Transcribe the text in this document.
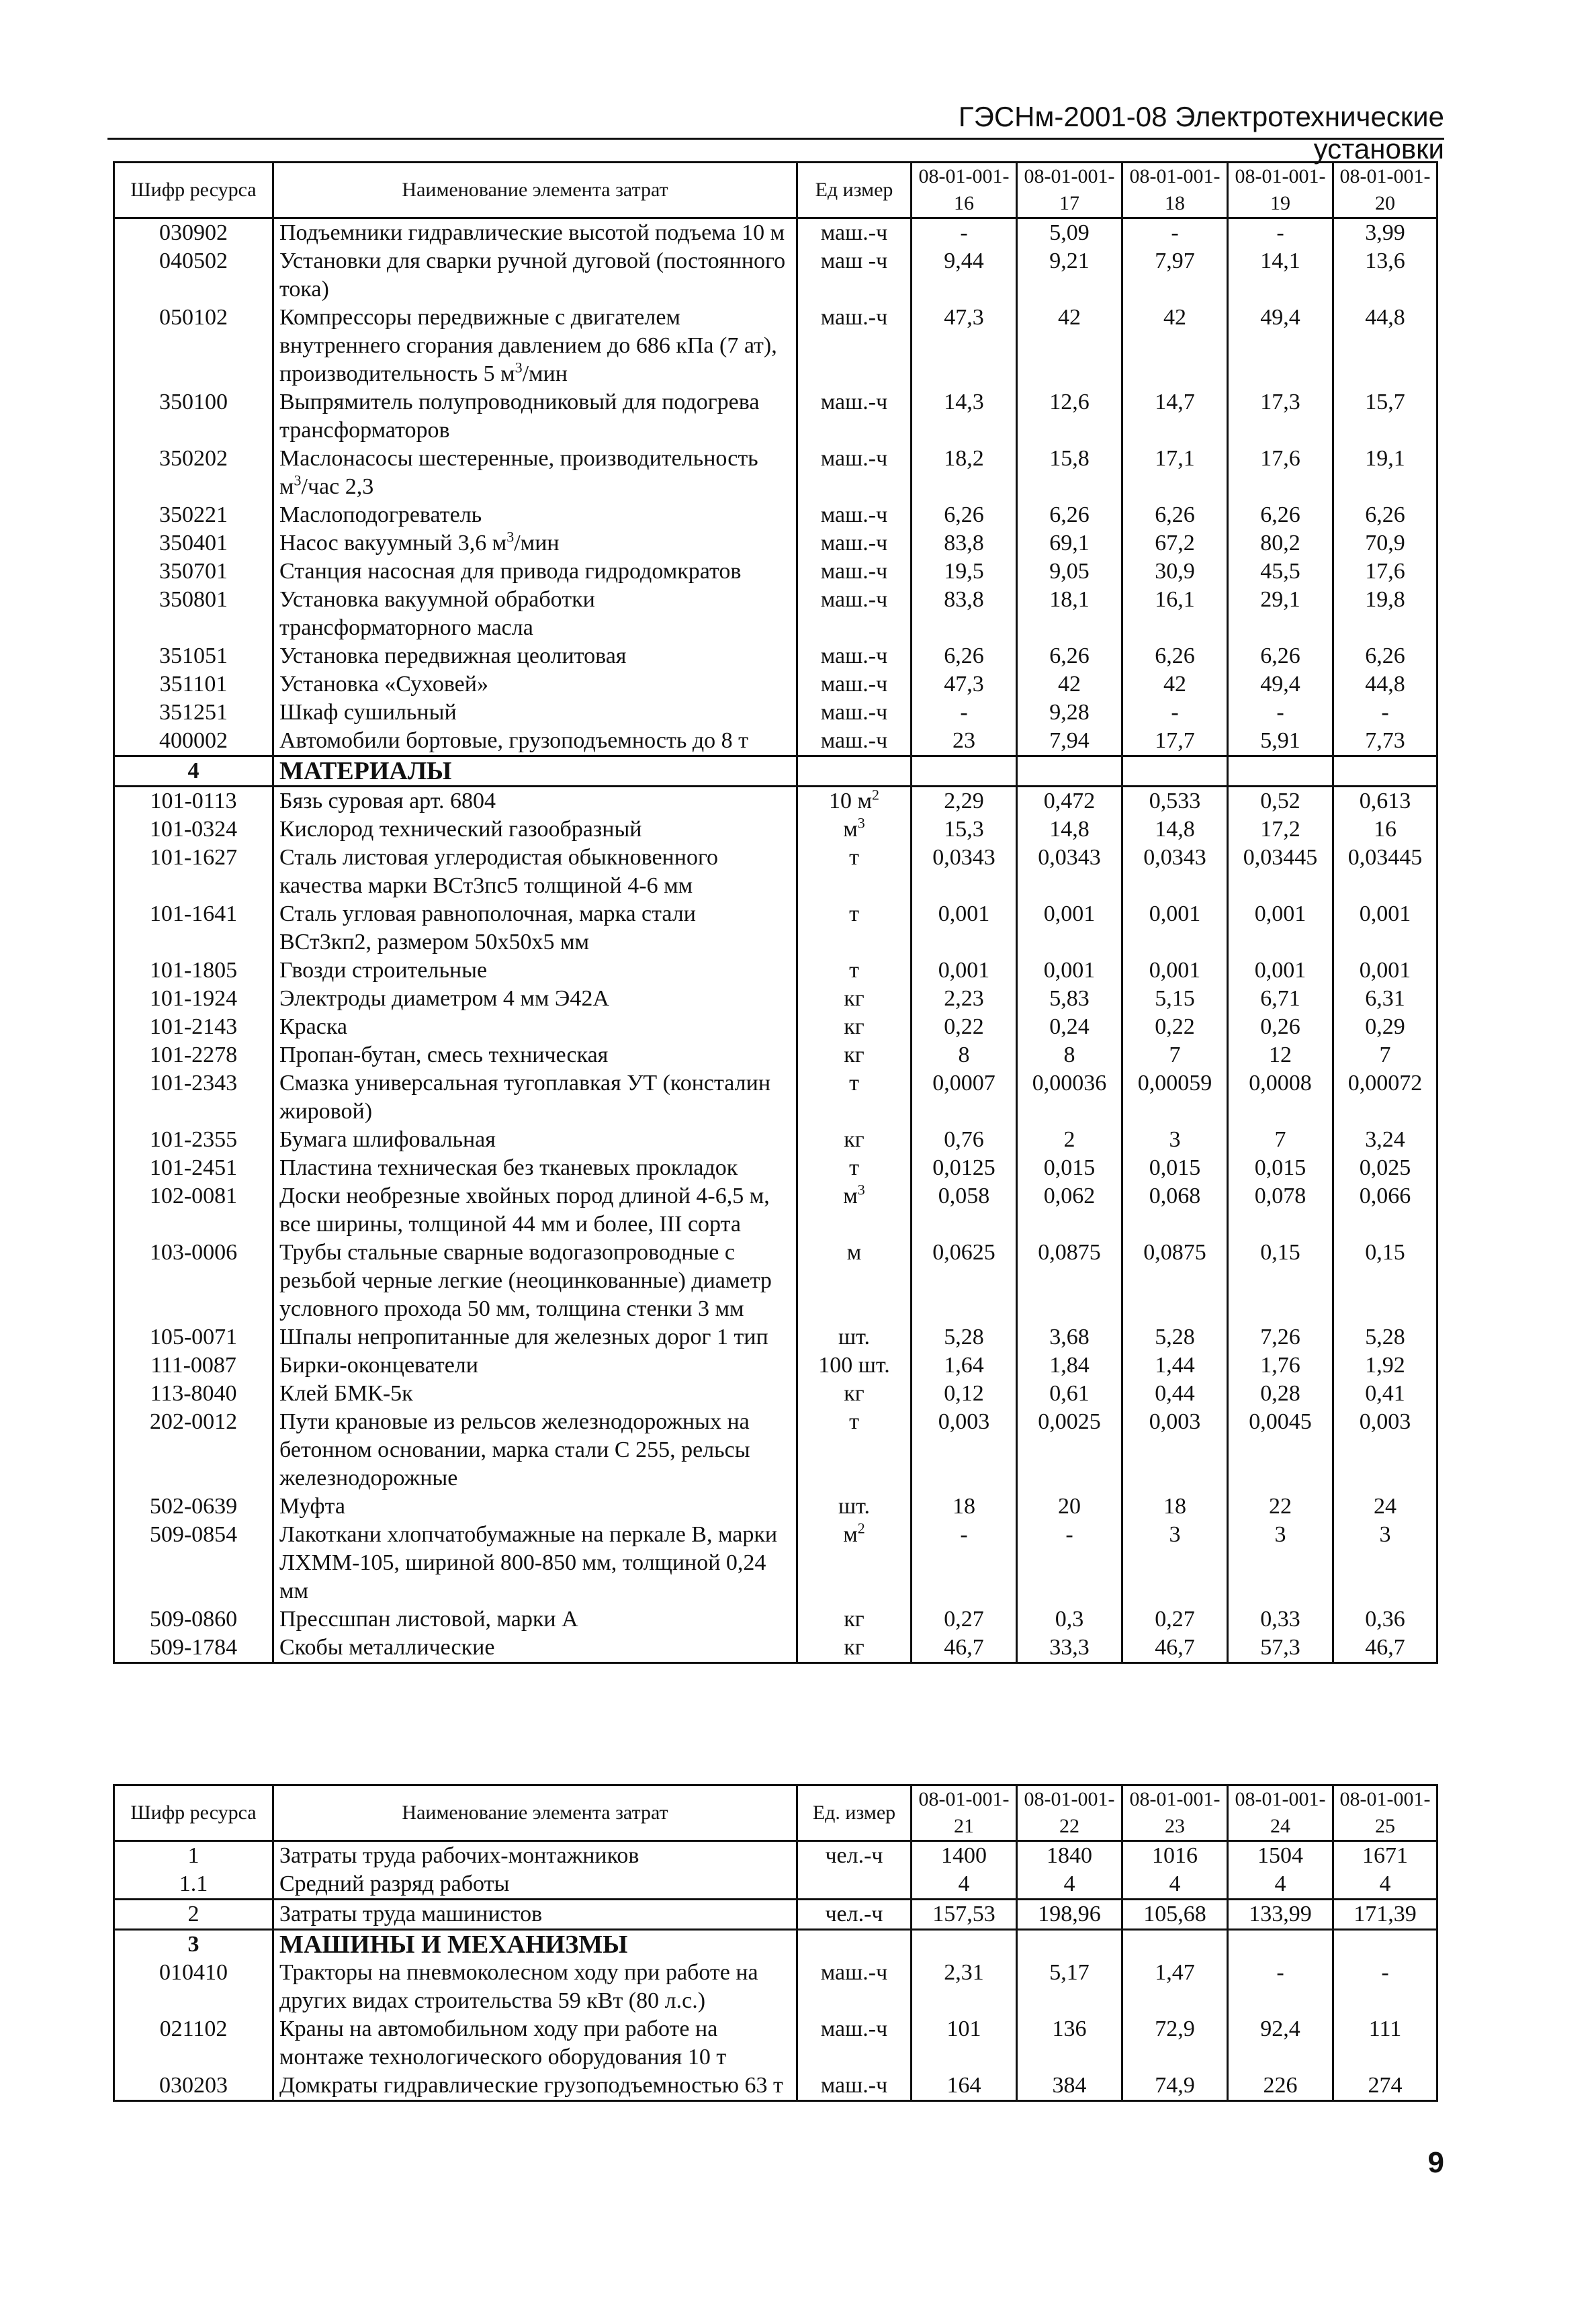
ГЭСНм-2001-08 Электротехнические установки
Шифр ресурса	Наименование элемента затрат	Ед измер	08-01-001-16	08-01-001-17	08-01-001-18	08-01-001-19	08-01-001-20
030902	Подъемники гидравлические высотой подъема 10 м	маш.-ч	-	5,09	-	-	3,99
040502	Установки для сварки ручной дуговой (постоянного тока)	маш -ч	9,44	9,21	7,97	14,1	13,6
050102	Компрессоры передвижные с двигателем внутреннего сгорания давлением до 686 кПа (7 ат), производительность 5 $м^3$/мин	маш.-ч	47,3	42	42	49,4	44,8
350100	Выпрямитель полупроводниковый для подогрева трансформаторов	маш.-ч	14,3	12,6	14,7	17,3	15,7
350202	Маслонасосы шестеренные, производительность $м^3$/час 2,3	маш.-ч	18,2	15,8	17,1	17,6	19,1
350221	Маслоподогреватель	маш.-ч	6,26	6,26	6,26	6,26	6,26
350401	Насос вакуумный 3,6 $м^3$/мин	маш.-ч	83,8	69,1	67,2	80,2	70,9
350701	Станция насосная для привода гидродомкратов	маш.-ч	19,5	9,05	30,9	45,5	17,6
350801	Установка вакуумной обработки трансформаторного масла	маш.-ч	83,8	18,1	16,1	29,1	19,8
351051	Установка передвижная цеолитовая	маш.-ч	6,26	6,26	6,26	6,26	6,26
351101	Установка «Суховей»	маш.-ч	47,3	42	42	49,4	44,8
351251	Шкаф сушильный	маш.-ч	-	9,28	-	-	-
400002	Автомобили бортовые, грузоподъемность до 8 т	маш.-ч	23	7,94	17,7	5,91	7,73
4	МАТЕРИАЛЫ						
101-0113	Бязь суровая арт. 6804	10 $м^2$	2,29	0,472	0,533	0,52	0,613
101-0324	Кислород технический газообразный	$м^3$	15,3	14,8	14,8	17,2	16
101-1627	Сталь листовая углеродистая обыкновенного качества марки ВСт3пс5 толщиной 4-6 мм	т	0,0343	0,0343	0,0343	0,03445	0,03445
101-1641	Сталь угловая равнополочная, марка стали ВСт3кп2, размером 50х50х5 мм	т	0,001	0,001	0,001	0,001	0,001
101-1805	Гвозди строительные	т	0,001	0,001	0,001	0,001	0,001
101-1924	Электроды диаметром 4 мм Э42А	кг	2,23	5,83	5,15	6,71	6,31
101-2143	Краска	кг	0,22	0,24	0,22	0,26	0,29
101-2278	Пропан-бутан, смесь техническая	кг	8	8	7	12	7
101-2343	Смазка универсальная тугоплавкая УТ (консталин жировой)	т	0,0007	0,00036	0,00059	0,0008	0,00072
101-2355	Бумага шлифовальная	кг	0,76	2	3	7	3,24
101-2451	Пластина техническая без тканевых прокладок	т	0,0125	0,015	0,015	0,015	0,025
102-0081	Доски необрезные хвойных пород длиной 4-6,5 м, все ширины, толщиной 44 мм и более, III сорта	$м^3$	0,058	0,062	0,068	0,078	0,066
103-0006	Трубы стальные сварные водогазопроводные с резьбой черные легкие (неоцинкованные) диаметр условного прохода 50 мм, толщина стенки 3 мм	м	0,0625	0,0875	0,0875	0,15	0,15
105-0071	Шпалы непропитанные для железных дорог 1 тип	шт.	5,28	3,68	5,28	7,26	5,28
111-0087	Бирки-оконцеватели	100 шт.	1,64	1,84	1,44	1,76	1,92
113-8040	Клей БМК-5к	кг	0,12	0,61	0,44	0,28	0,41
202-0012	Пути крановые из рельсов железнодорожных на бетонном основании, марка стали С 255, рельсы железнодорожные	т	0,003	0,0025	0,003	0,0045	0,003
502-0639	Муфта	шт.	18	20	18	22	24
509-0854	Лакоткани хлопчатобумажные на перкале В, марки ЛХММ-105, шириной 800-850 мм, толщиной 0,24 мм	$м^2$	-	-	3	3	3
509-0860	Прессшпан листовой, марки А	кг	0,27	0,3	0,27	0,33	0,36
509-1784	Скобы металлические	кг	46,7	33,3	46,7	57,3	46,7
Шифр ресурса	Наименование элемента затрат	Ед. измер	08-01-001-21	08-01-001-22	08-01-001-23	08-01-001-24	08-01-001-25
1	Затраты труда рабочих-монтажников	чел.-ч	1400	1840	1016	1504	1671
1.1	Средний разряд работы		4	4	4	4	4
2	Затраты труда машинистов	чел.-ч	157,53	198,96	105,68	133,99	171,39
3	МАШИНЫ И МЕХАНИЗМЫ						
010410	Тракторы на пневмоколесном ходу при работе на других видах строительства 59 кВт (80 л.с.)	маш.-ч	2,31	5,17	1,47	-	-
021102	Краны на автомобильном ходу при работе на монтаже технологического оборудования 10 т	маш.-ч	101	136	72,9	92,4	111
030203	Домкраты гидравлические грузоподъемностью 63 т	маш.-ч	164	384	74,9	226	274
9
